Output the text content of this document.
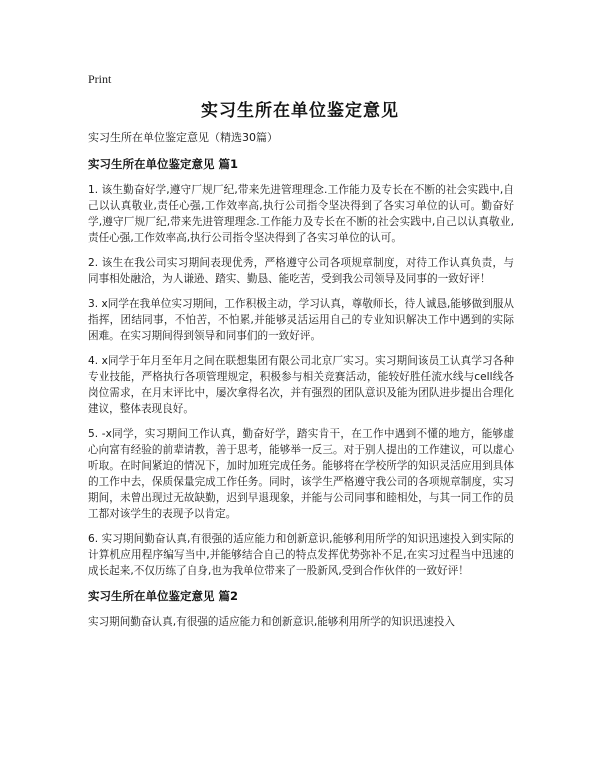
Print
实习生所在单位鉴定意见
实习生所在单位鉴定意见（精选30篇）
实习生所在单位鉴定意见 篇1

1. 该生勤奋好学,遵守厂规厂纪,带来先进管理理念.工作能力及专长在不断的社会实践中,自己以认真敬业,责任心强,工作效率高,执行公司指令坚决得到了各实习单位的认可。勤奋好学,遵守厂规厂纪,带来先进管理理念.工作能力及专长在不断的社会实践中,自己以认真敬业,责任心强,工作效率高,执行公司指令坚决得到了各实习单位的认可。

2. 该生在我公司实习期间表现优秀，严格遵守公司各项规章制度，对待工作认真负责，与同事相处融洽，为人谦逊、踏实、勤恳、能吃苦，受到我公司领导及同事的一致好评！

3. x同学在我单位实习期间，工作积极主动，学习认真，尊敬师长，待人诚恳,能够做到服从指挥，团结同事，不怕苦，不怕累,并能够灵活运用自己的专业知识解决工作中遇到的实际困难。在实习期间得到领导和同事们的一致好评。

4. x同学于年月至年月之间在联想集团有限公司北京厂实习。实习期间该员工认真学习各种专业技能，严格执行各项管理规定，积极参与相关竞赛活动，能较好胜任流水线与cell线各岗位需求，在月末评比中，屡次拿得名次，并有强烈的团队意识及能为团队进步提出合理化建议，整体表现良好。

5. -x同学，实习期间工作认真，勤奋好学，踏实肯干，在工作中遇到不懂的地方，能够虚心向富有经验的前辈请教，善于思考，能够举一反三。对于别人提出的工作建议，可以虚心听取。在时间紧迫的情况下，加时加班完成任务。能够将在学校所学的知识灵活应用到具体的工作中去，保质保量完成工作任务。同时，该学生严格遵守我公司的各项规章制度，实习期间，未曾出现过无故缺勤，迟到早退现象，并能与公司同事和睦相处，与其一同工作的员工都对该学生的表现予以肯定。

6. 实习期间勤奋认真,有很强的适应能力和创新意识,能够利用所学的知识迅速投入到实际的计算机应用程序编写当中,并能够结合自己的特点发挥优势弥补不足,在实习过程当中迅速的成长起来,不仅历练了自身,也为我单位带来了一股新风,受到合作伙伴的一致好评！

实习生所在单位鉴定意见 篇2

实习期间勤奋认真,有很强的适应能力和创新意识,能够利用所学的知识迅速投入
